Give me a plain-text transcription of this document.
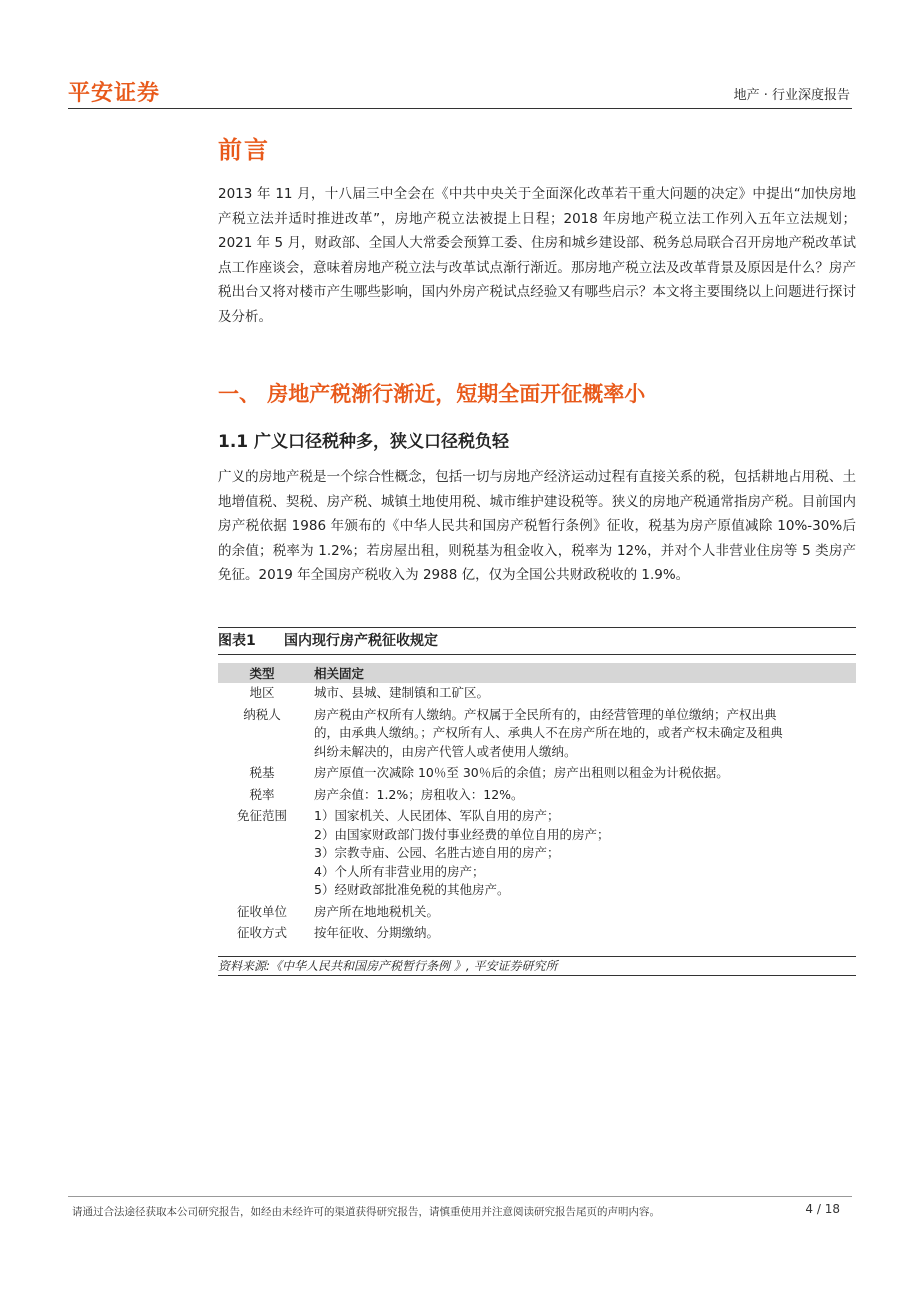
平安证券	地产 · 行业深度报告
前言

2013 年 11 月，十八届三中全会在《中共中央关于全面深化改革若干重大问题的决定》中提出“加快房地产税立法并适时推进改革”，房地产税立法被提上日程；2018 年房地产税立法工作列入五年立法规划；2021 年 5 月，财政部、全国人大常委会预算工委、住房和城乡建设部、税务总局联合召开房地产税改革试点工作座谈会，意味着房地产税立法与改革试点渐行渐近。那房地产税立法及改革背景及原因是什么？房产税出台又将对楼市产生哪些影响，国内外房产税试点经验又有哪些启示？本文将主要围绕以上问题进行探讨及分析。

一、 房地产税渐行渐近，短期全面开征概率小
1.1 广义口径税种多，狭义口径税负轻

广义的房地产税是一个综合性概念，包括一切与房地产经济运动过程有直接关系的税，包括耕地占用税、土地增值税、契税、房产税、城镇土地使用税、城市维护建设税等。狭义的房地产税通常指房产税。目前国内房产税依据 1986 年颁布的《中华人民共和国房产税暂行条例》征收，税基为房产原值减除 10%-30%后的余值；税率为 1.2%；若房屋出租，则税基为租金收入，税率为 12%，并对个人非营业住房等 5 类房产免征。2019 年全国房产税收入为 2988 亿，仅为全国公共财政税收的 1.9%。

图表1 国内现行房产税征收规定
类型	相关固定
地区	城市、县城、建制镇和工矿区。

纳税人	房产税由产权所有人缴纳。产权属于全民所有的，由经营管理的单位缴纳；产权出典
的，由承典人缴纳。；产权所有人、承典人不在房产所在地的，或者产权未确定及租典
纠纷未解决的，由房产代管人或者使用人缴纳。

税基	房产原值一次减除 10％至 30％后的余值；房产出租则以租金为计税依据。

税率	房产余值：1.2%；房租收入：12%。

免征范围	1）国家机关、人民团体、军队自用的房产；
2）由国家财政部门拨付事业经费的单位自用的房产；
3）宗教寺庙、公园、名胜古迹自用的房产；
4）个人所有非营业用的房产；
5）经财政部批准免税的其他房产。

征收单位	房产所在地地税机关。

征收方式	按年征收、分期缴纳。
资料来源:《中华人民共和国房产税暂行条例 》, 平安证券研究所
请通过合法途径获取本公司研究报告，如经由未经许可的渠道获得研究报告，请慎重使用并注意阅读研究报告尾页的声明内容。	4 / 18
